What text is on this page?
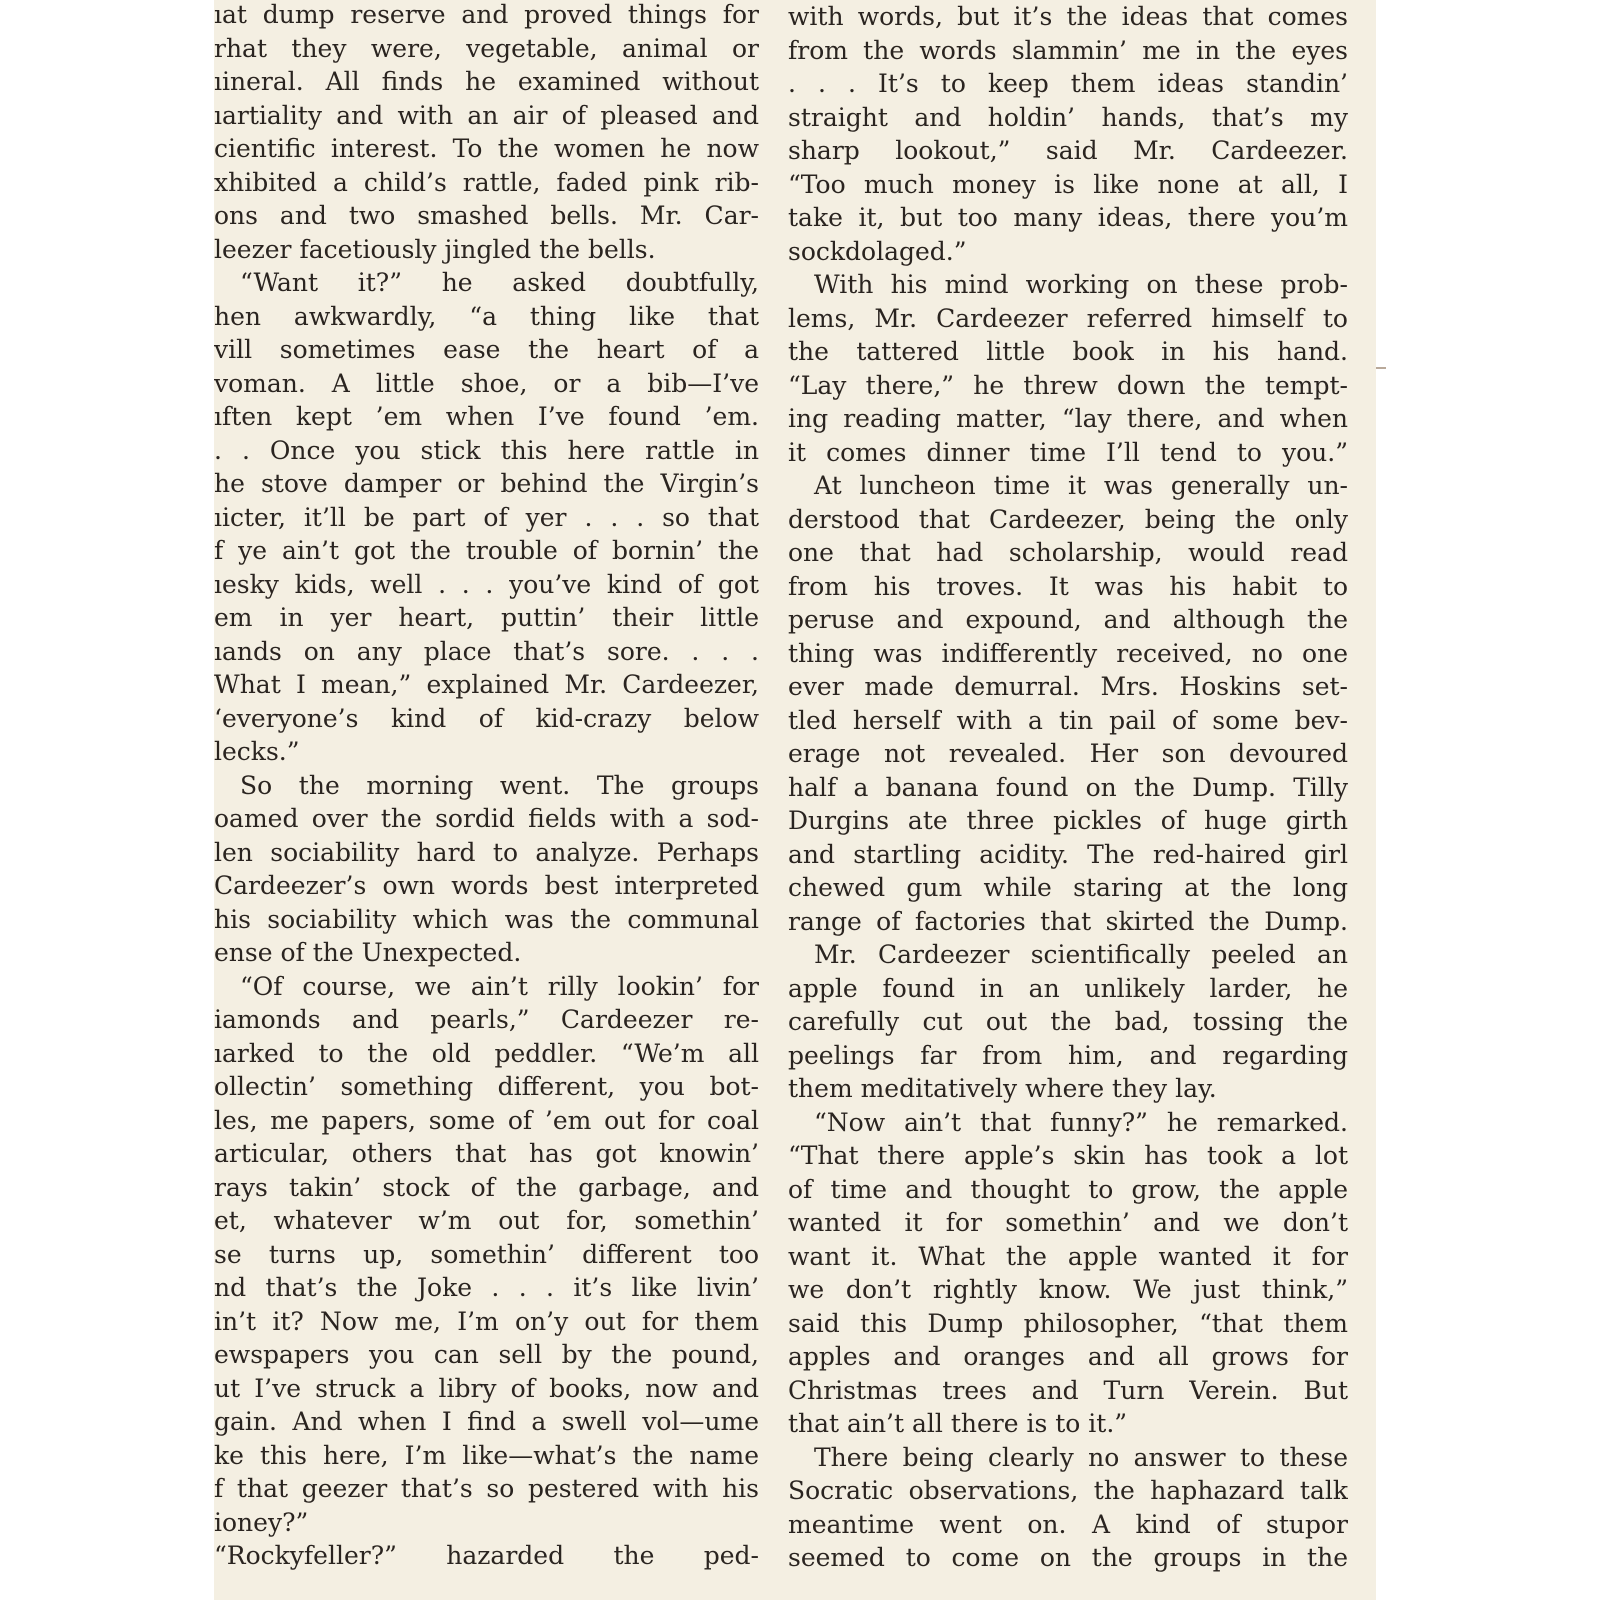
ıat dump reserve and proved things for
rhat they were, vegetable, animal or
ıineral. All finds he examined without
ıartiality and with an air of pleased and
cientific interest. To the women he now
xhibited a child’s rattle, faded pink rib-
ons and two smashed bells. Mr. Car-
leezer facetiously jingled the bells.
“Want it?” he asked doubtfully,
hen awkwardly, “a thing like that
vill sometimes ease the heart of a
voman. A little shoe, or a bib—I’ve
ıften kept ’em when I’ve found ’em.
. . Once you stick this here rattle in
he stove damper or behind the Virgin’s
ıicter, it’ll be part of yer . . . so that
f ye ain’t got the trouble of bornin’ the
ıesky kids, well . . . you’ve kind of got
em in yer heart, puttin’ their little
ıands on any place that’s sore. . . .
What I mean,” explained Mr. Cardeezer,
‘everyone’s kind of kid-crazy below
lecks.”
So the morning went. The groups
oamed over the sordid fields with a sod-
len sociability hard to analyze. Perhaps
Cardeezer’s own words best interpreted
his sociability which was the communal
ense of the Unexpected.
“Of course, we ain’t rilly lookin’ for
iamonds and pearls,” Cardeezer re-
ıarked to the old peddler. “We’m all
ollectin’ something different, you bot-
les, me papers, some of ’em out for coal
articular, others that has got knowin’
rays takin’ stock of the garbage, and
et, whatever w’m out for, somethin’
se turns up, somethin’ different too
nd that’s the Joke . . . it’s like livin’
in’t it? Now me, I’m on’y out for them
ewspapers you can sell by the pound,
ut I’ve struck a libry of books, now and
gain. And when I find a swell vol—ume
ke this here, I’m like—what’s the name
f that geezer that’s so pestered with his
ioney?”
“Rockyfeller?” hazarded the ped-
with words, but it’s the ideas that comes
from the words slammin’ me in the eyes
. . . It’s to keep them ideas standin’
straight and holdin’ hands, that’s my
sharp lookout,” said Mr. Cardeezer.
“Too much money is like none at all, I
take it, but too many ideas, there you’m
sockdolaged.”
With his mind working on these prob-
lems, Mr. Cardeezer referred himself to
the tattered little book in his hand.
“Lay there,” he threw down the tempt-
ing reading matter, “lay there, and when
it comes dinner time I’ll tend to you.”
At luncheon time it was generally un-
derstood that Cardeezer, being the only
one that had scholarship, would read
from his troves. It was his habit to
peruse and expound, and although the
thing was indifferently received, no one
ever made demurral. Mrs. Hoskins set-
tled herself with a tin pail of some bev-
erage not revealed. Her son devoured
half a banana found on the Dump. Tilly
Durgins ate three pickles of huge girth
and startling acidity. The red-haired girl
chewed gum while staring at the long
range of factories that skirted the Dump.
Mr. Cardeezer scientifically peeled an
apple found in an unlikely larder, he
carefully cut out the bad, tossing the
peelings far from him, and regarding
them meditatively where they lay.
“Now ain’t that funny?” he remarked.
“That there apple’s skin has took a lot
of time and thought to grow, the apple
wanted it for somethin’ and we don’t
want it. What the apple wanted it for
we don’t rightly know. We just think,”
said this Dump philosopher, “that them
apples and oranges and all grows for
Christmas trees and Turn Verein. But
that ain’t all there is to it.”
There being clearly no answer to these
Socratic observations, the haphazard talk
meantime went on. A kind of stupor
seemed to come on the groups in the
